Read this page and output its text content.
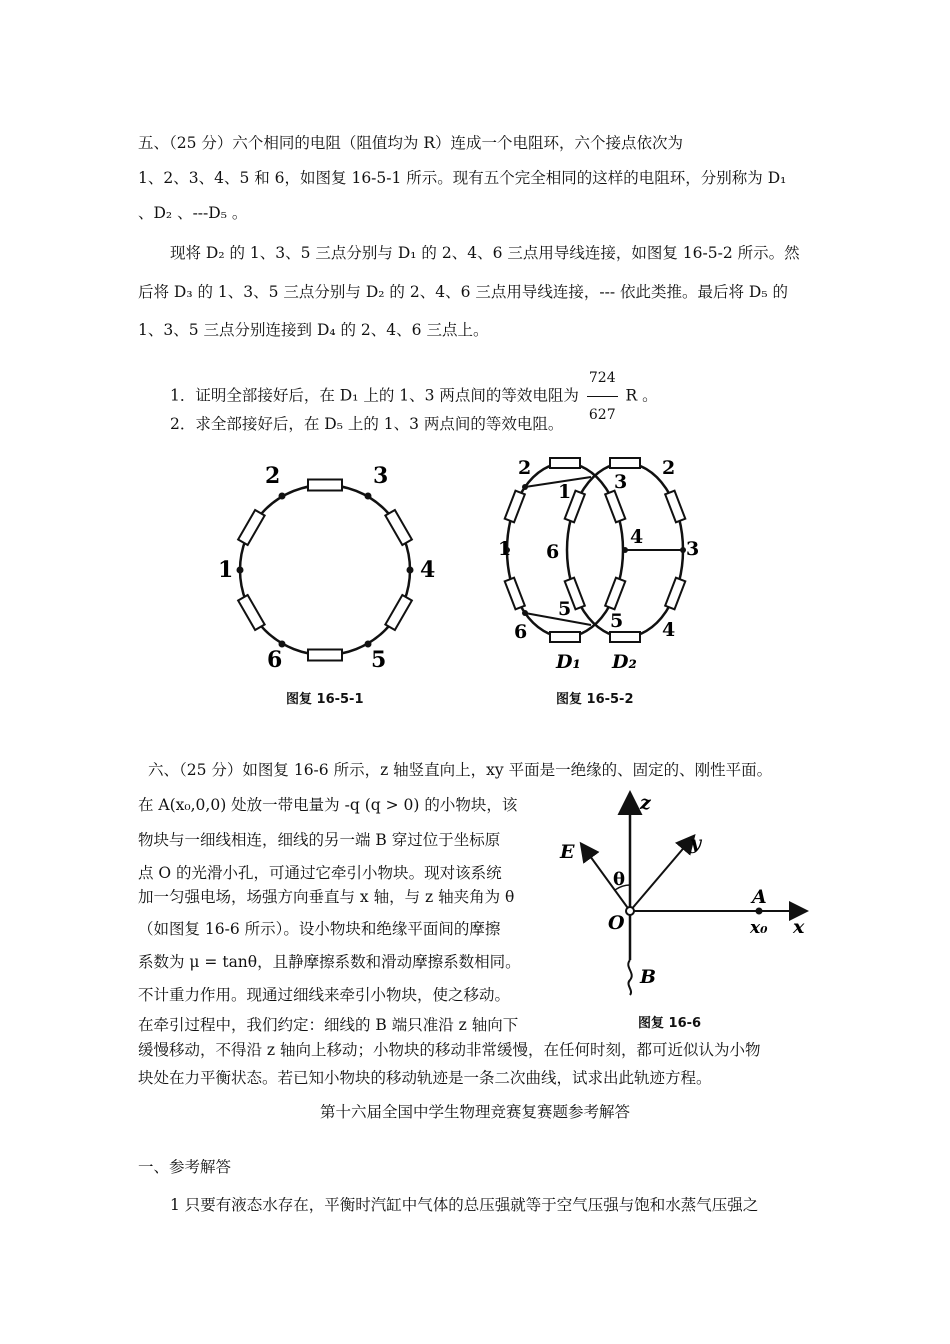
五、（25 分）六个相同的电阻（阻值均为 R）连成一个电阻环，六个接点依次为
1、2、3、4、5 和 6，如图复 16-5-1 所示。现有五个完全相同的这样的电阻环，分别称为 D₁
、D₂ 、---D₅ 。
现将 D₂ 的 1、3、5 三点分别与 D₁ 的 2、4、6 三点用导线连接，如图复 16-5-2 所示。然
后将 D₃ 的 1、3、5 三点分别与 D₂ 的 2、4、6 三点用导线连接，--- 依此类推。最后将 D₅ 的
1、3、5 三点分别连接到 D₄ 的 2、4、6 三点上。
1．证明全部接好后，在 D₁ 上的 1、3 两点间的等效电阻为 $\frac{724}{627}$ R 。
2．求全部接好后，在 D₅ 上的 1、3 两点间的等效电阻。
1
2	3
4
5
6
图复 16-5-1
1
2
6
1
6
5
3
4
5
2
3
4
D₁ D₂
图复 16-5-2
六、（25 分）如图复 16-6 所示，z 轴竖直向上，xy 平面是一绝缘的、固定的、刚性平面。
在 A(x₀,0,0) 处放一带电量为 -q (q > 0) 的小物块，该
物块与一细线相连，细线的另一端 B 穿过位于坐标原
点 O 的光滑小孔，可通过它牵引小物块。现对该系统
加一匀强电场，场强方向垂直与 x 轴，与 z 轴夹角为 θ
（如图复 16-6 所示）。设小物块和绝缘平面间的摩擦
系数为 μ = tanθ，且静摩擦系数和滑动摩擦系数相同。
不计重力作用。现通过细线来牵引小物块，使之移动。
在牵引过程中，我们约定：细线的 B 端只准沿 z 轴向下
缓慢移动，不得沿 z 轴向上移动；小物块的移动非常缓慢，在任何时刻，都可近似认为小物
块处在力平衡状态。若已知小物块的移动轨迹是一条二次曲线，试求出此轨迹方程。
z
y
x
E
θ
O
A
x₀
B
图复 16-6
第十六届全国中学生物理竞赛复赛题参考解答
一、参考解答
1 只要有液态水存在，平衡时汽缸中气体的总压强就等于空气压强与饱和水蒸气压强之
